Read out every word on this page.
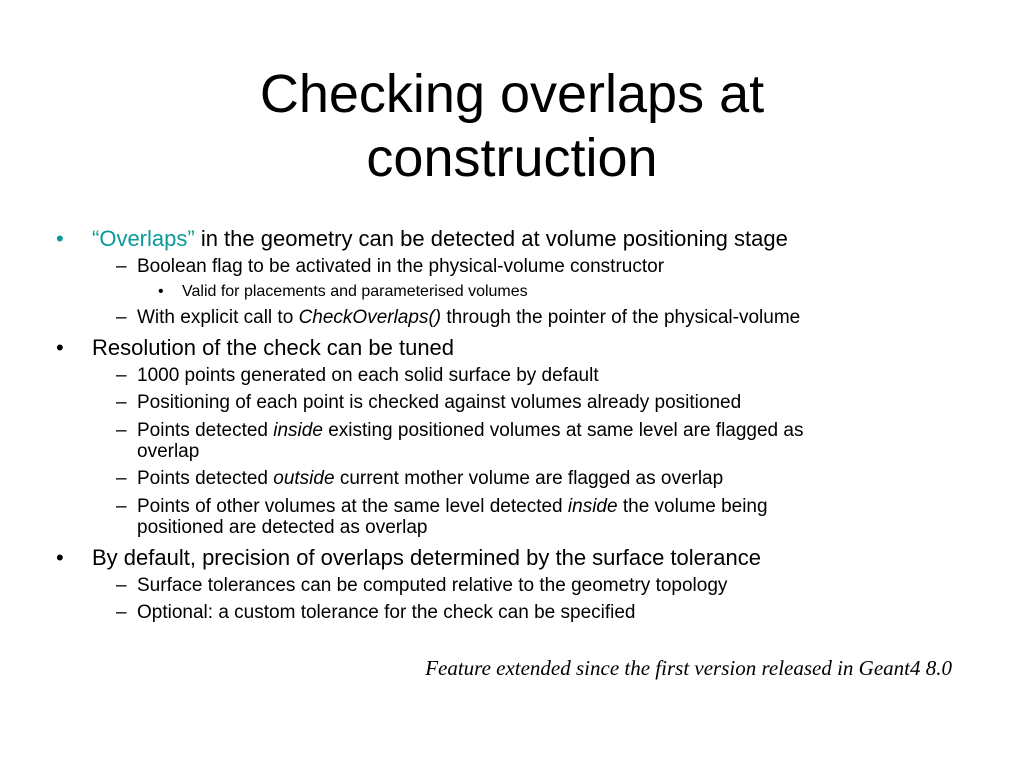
Checking overlaps at
construction
• “Overlaps” in the geometry can be detected at volume positioning stage
– Boolean flag to be activated in the physical-volume constructor
• Valid for placements and parameterised volumes
– With explicit call to CheckOverlaps() through the pointer of the physical-volume
• Resolution of the check can be tuned
– 1000 points generated on each solid surface by default
– Positioning of each point is checked against volumes already positioned
– Points detected inside existing positioned volumes at same level are flagged as
overlap
– Points detected outside current mother volume are flagged as overlap
– Points of other volumes at the same level detected inside the volume being
positioned are detected as overlap
• By default, precision of overlaps determined by the surface tolerance
– Surface tolerances can be computed relative to the geometry topology
– Optional: a custom tolerance for the check can be specified
Feature extended since the first version released in Geant4 8.0
